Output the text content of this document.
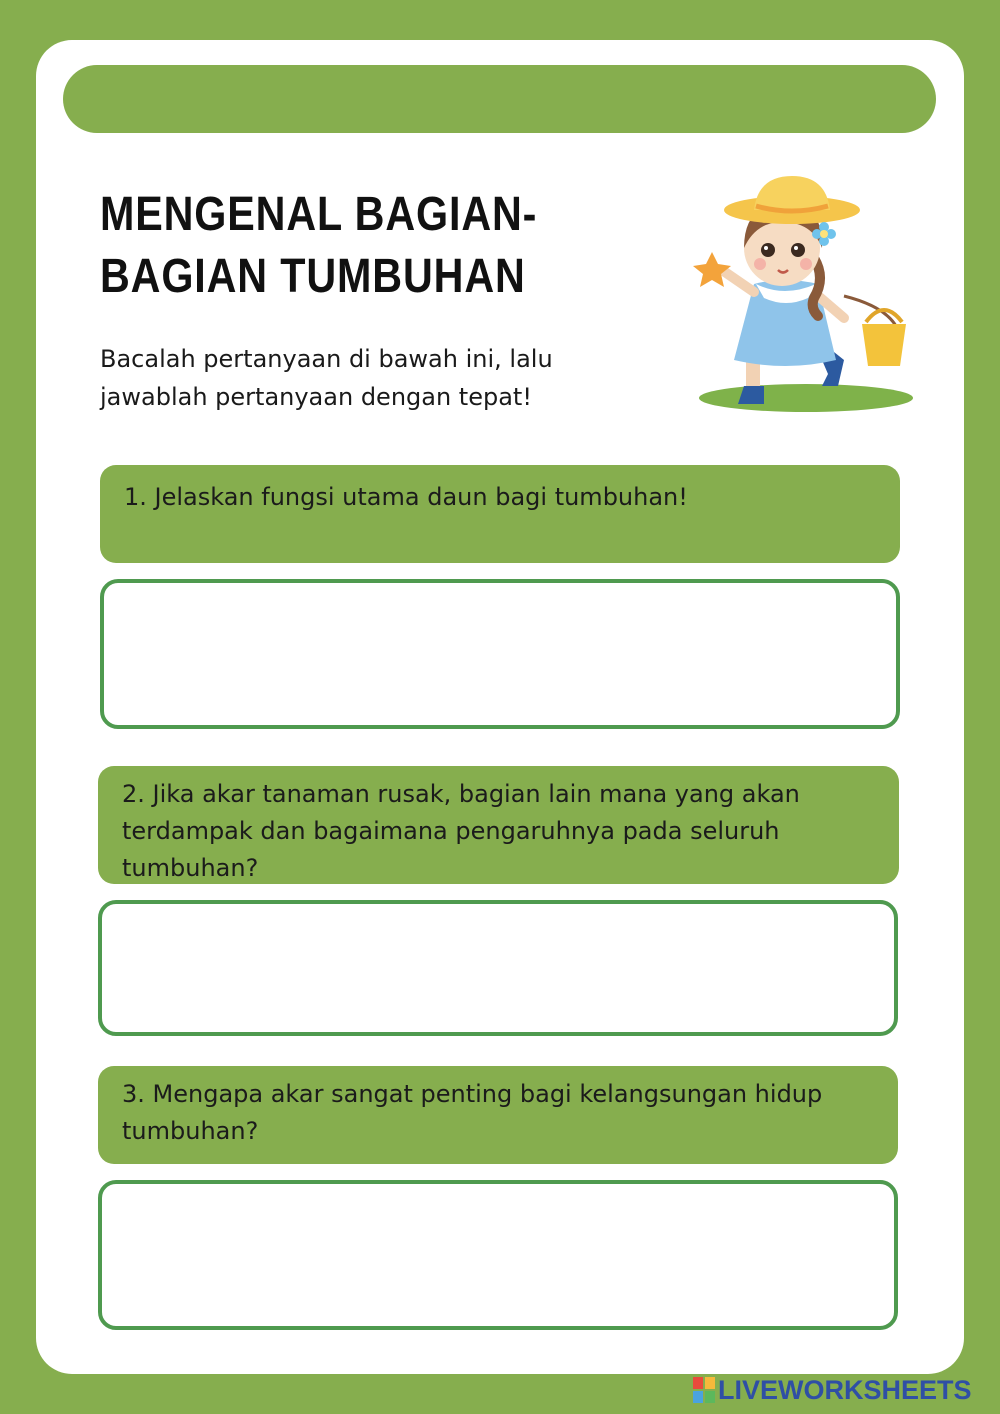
MENGENAL BAGIAN-BAGIAN TUMBUHAN

Bacalah pertanyaan di bawah ini, lalu jawablah pertanyaan dengan tepat!

1. Jelaskan fungsi utama daun bagi tumbuhan!
2. Jika akar tanaman rusak, bagian lain mana yang akan terdampak dan bagaimana pengaruhnya pada seluruh tumbuhan?
3. Mengapa akar sangat penting bagi kelangsungan hidup tumbuhan?
LIVEWORKSHEETS
